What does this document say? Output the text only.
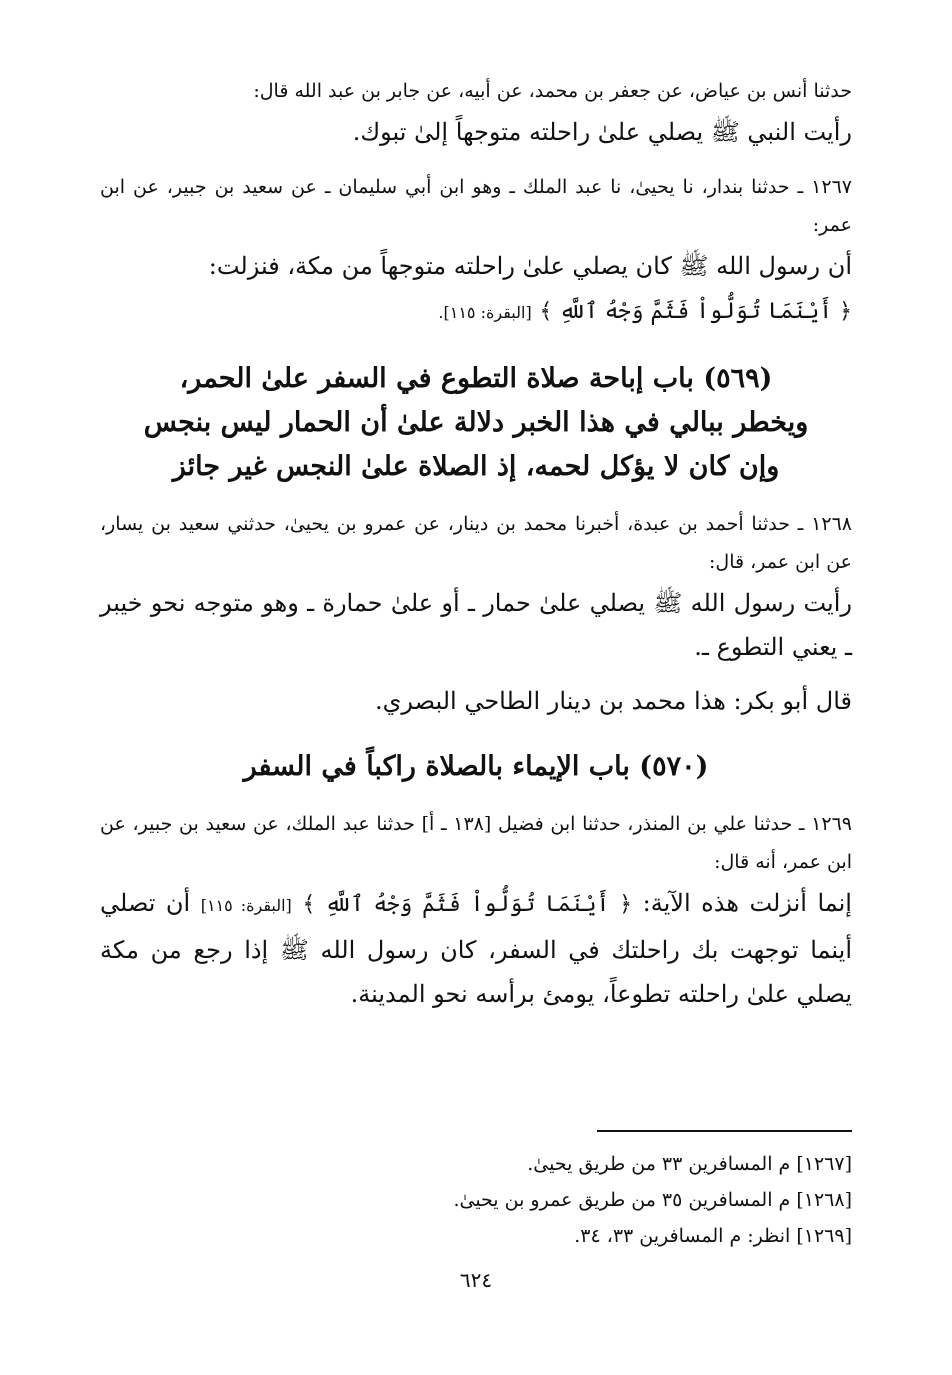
حدثنا أنس بن عياض، عن جعفر بن محمد، عن أبيه، عن جابر بن عبد الله قال:

رأيت النبي ﷺ يصلي علىٰ راحلته متوجهاً إلىٰ تبوك.

١٢٦٧ ـ حدثنا بندار، نا يحيىٰ، نا عبد الملك ـ وهو ابن أبي سليمان ـ عن سعيد بن جبير، عن ابن عمر:

أن رسول الله ﷺ كان يصلي علىٰ راحلته متوجهاً من مكة، فنزلت:
﴿ أَيْنَمَا تُوَلُّواْ فَثَمَّ وَجْهُ ٱللَّهِ ﴾ [البقرة: ١١٥].

(٥٦٩) باب إباحة صلاة التطوع في السفر علىٰ الحمر،
ويخطر ببالي في هذا الخبر دلالة علىٰ أن الحمار ليس بنجس
وإن كان لا يؤكل لحمه، إذ الصلاة علىٰ النجس غير جائز

١٢٦٨ ـ حدثنا أحمد بن عبدة، أخبرنا محمد بن دينار، عن عمرو بن يحيىٰ، حدثني سعيد بن يسار، عن ابن عمر، قال:

رأيت رسول الله ﷺ يصلي علىٰ حمار ـ أو علىٰ حمارة ـ وهو متوجه نحو خيبر ـ يعني التطوع ـ.

قال أبو بكر: هذا محمد بن دينار الطاحي البصري.

(٥٧٠) باب الإيماء بالصلاة راكباً في السفر

١٢٦٩ ـ حدثنا علي بن المنذر، حدثنا ابن فضيل [١٣٨ ـ أ] حدثنا عبد الملك، عن سعيد بن جبير، عن ابن عمر، أنه قال:

إنما أنزلت هذه الآية: ﴿ أَيْنَمَا تُوَلُّواْ فَثَمَّ وَجْهُ ٱللَّهِ ﴾ [البقرة: ١١٥] أن تصلي أينما توجهت بك راحلتك في السفر، كان رسول الله ﷺ إذا رجع من مكة يصلي علىٰ راحلته تطوعاً، يومئ برأسه نحو المدينة.

[١٢٦٧] م المسافرين ٣٣ من طريق يحيىٰ.

[١٢٦٨] م المسافرين ٣٥ من طريق عمرو بن يحيىٰ.

[١٢٦٩] انظر: م المسافرين ٣٣، ٣٤.

٦٢٤
